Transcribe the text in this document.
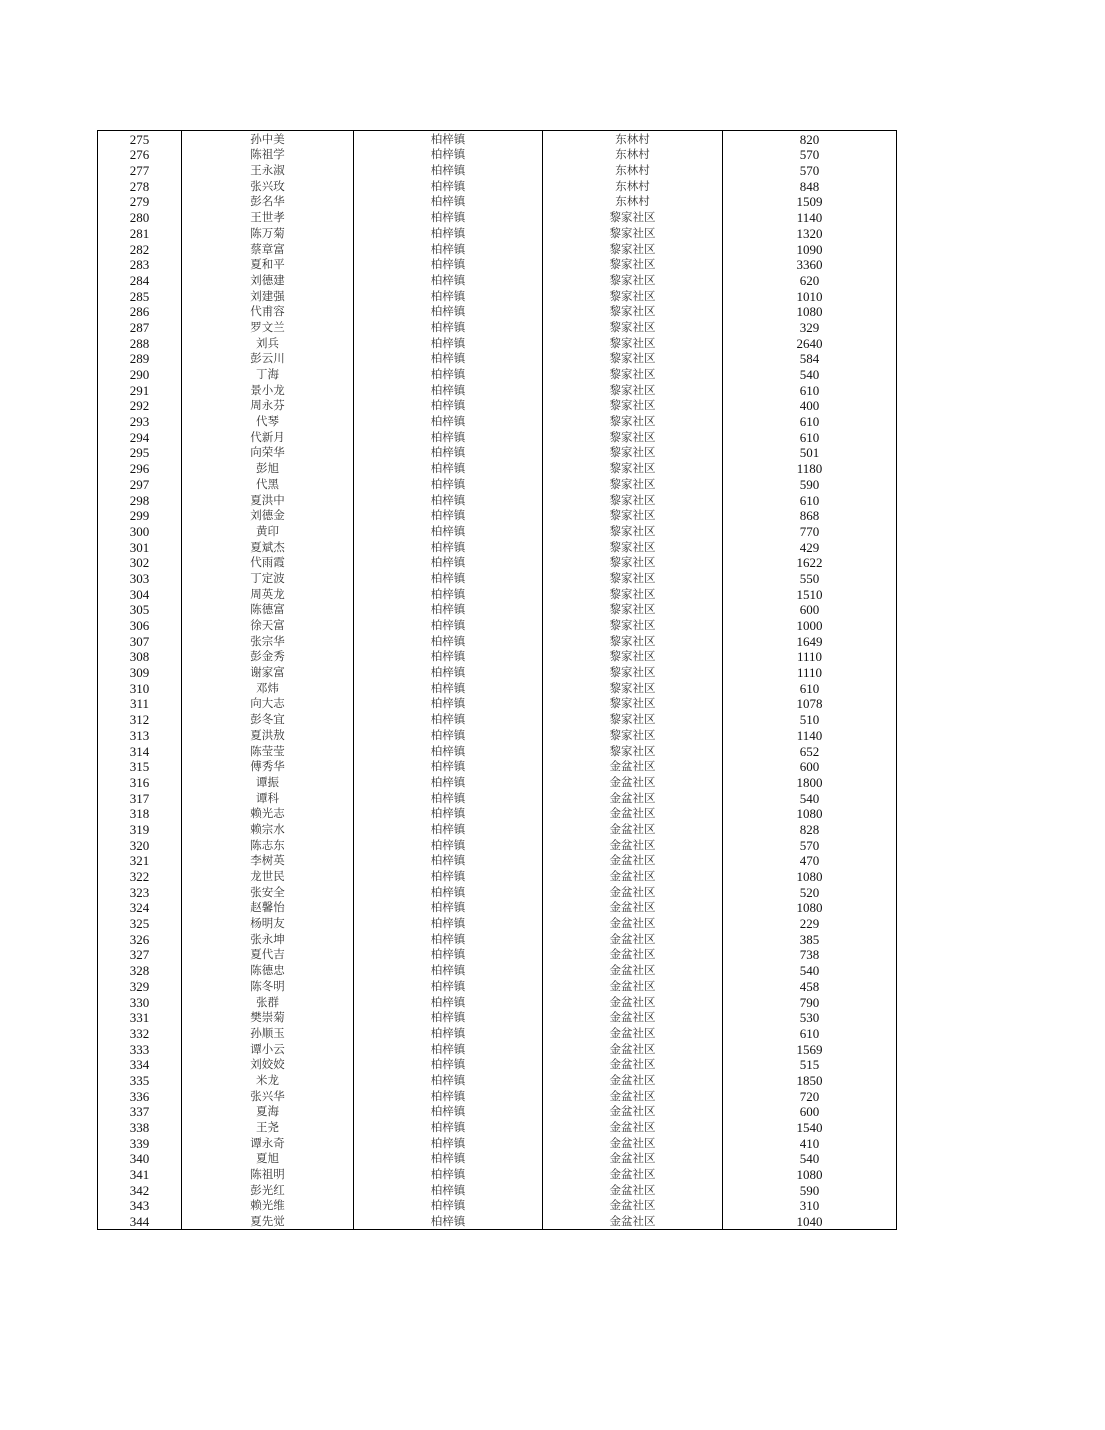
275	孙中美	柏梓镇	东林村	820
276	陈祖学	柏梓镇	东林村	570
277	王永淑	柏梓镇	东林村	570
278	张兴玫	柏梓镇	东林村	848
279	彭名华	柏梓镇	东林村	1509
280	王世孝	柏梓镇	黎家社区	1140
281	陈万菊	柏梓镇	黎家社区	1320
282	蔡章富	柏梓镇	黎家社区	1090
283	夏和平	柏梓镇	黎家社区	3360
284	刘德建	柏梓镇	黎家社区	620
285	刘建强	柏梓镇	黎家社区	1010
286	代甫容	柏梓镇	黎家社区	1080
287	罗文兰	柏梓镇	黎家社区	329
288	刘兵	柏梓镇	黎家社区	2640
289	彭云川	柏梓镇	黎家社区	584
290	丁海	柏梓镇	黎家社区	540
291	景小龙	柏梓镇	黎家社区	610
292	周永芬	柏梓镇	黎家社区	400
293	代琴	柏梓镇	黎家社区	610
294	代新月	柏梓镇	黎家社区	610
295	向荣华	柏梓镇	黎家社区	501
296	彭旭	柏梓镇	黎家社区	1180
297	代黑	柏梓镇	黎家社区	590
298	夏洪中	柏梓镇	黎家社区	610
299	刘德金	柏梓镇	黎家社区	868
300	黄印	柏梓镇	黎家社区	770
301	夏斌杰	柏梓镇	黎家社区	429
302	代雨霞	柏梓镇	黎家社区	1622
303	丁定波	柏梓镇	黎家社区	550
304	周英龙	柏梓镇	黎家社区	1510
305	陈德富	柏梓镇	黎家社区	600
306	徐天富	柏梓镇	黎家社区	1000
307	张宗华	柏梓镇	黎家社区	1649
308	彭金秀	柏梓镇	黎家社区	1110
309	谢家富	柏梓镇	黎家社区	1110
310	邓炜	柏梓镇	黎家社区	610
311	向大志	柏梓镇	黎家社区	1078
312	彭冬宜	柏梓镇	黎家社区	510
313	夏洪敖	柏梓镇	黎家社区	1140
314	陈莹莹	柏梓镇	黎家社区	652
315	傅秀华	柏梓镇	金盆社区	600
316	谭振	柏梓镇	金盆社区	1800
317	谭科	柏梓镇	金盆社区	540
318	赖光志	柏梓镇	金盆社区	1080
319	赖宗水	柏梓镇	金盆社区	828
320	陈志东	柏梓镇	金盆社区	570
321	李树英	柏梓镇	金盆社区	470
322	龙世民	柏梓镇	金盆社区	1080
323	张安全	柏梓镇	金盆社区	520
324	赵馨怡	柏梓镇	金盆社区	1080
325	杨明友	柏梓镇	金盆社区	229
326	张永坤	柏梓镇	金盆社区	385
327	夏代吉	柏梓镇	金盆社区	738
328	陈德忠	柏梓镇	金盆社区	540
329	陈冬明	柏梓镇	金盆社区	458
330	张群	柏梓镇	金盆社区	790
331	樊崇菊	柏梓镇	金盆社区	530
332	孙顺玉	柏梓镇	金盆社区	610
333	谭小云	柏梓镇	金盆社区	1569
334	刘姣姣	柏梓镇	金盆社区	515
335	米龙	柏梓镇	金盆社区	1850
336	张兴华	柏梓镇	金盆社区	720
337	夏海	柏梓镇	金盆社区	600
338	王尧	柏梓镇	金盆社区	1540
339	谭永奇	柏梓镇	金盆社区	410
340	夏旭	柏梓镇	金盆社区	540
341	陈祖明	柏梓镇	金盆社区	1080
342	彭光红	柏梓镇	金盆社区	590
343	赖光维	柏梓镇	金盆社区	310
344	夏先觉	柏梓镇	金盆社区	1040
